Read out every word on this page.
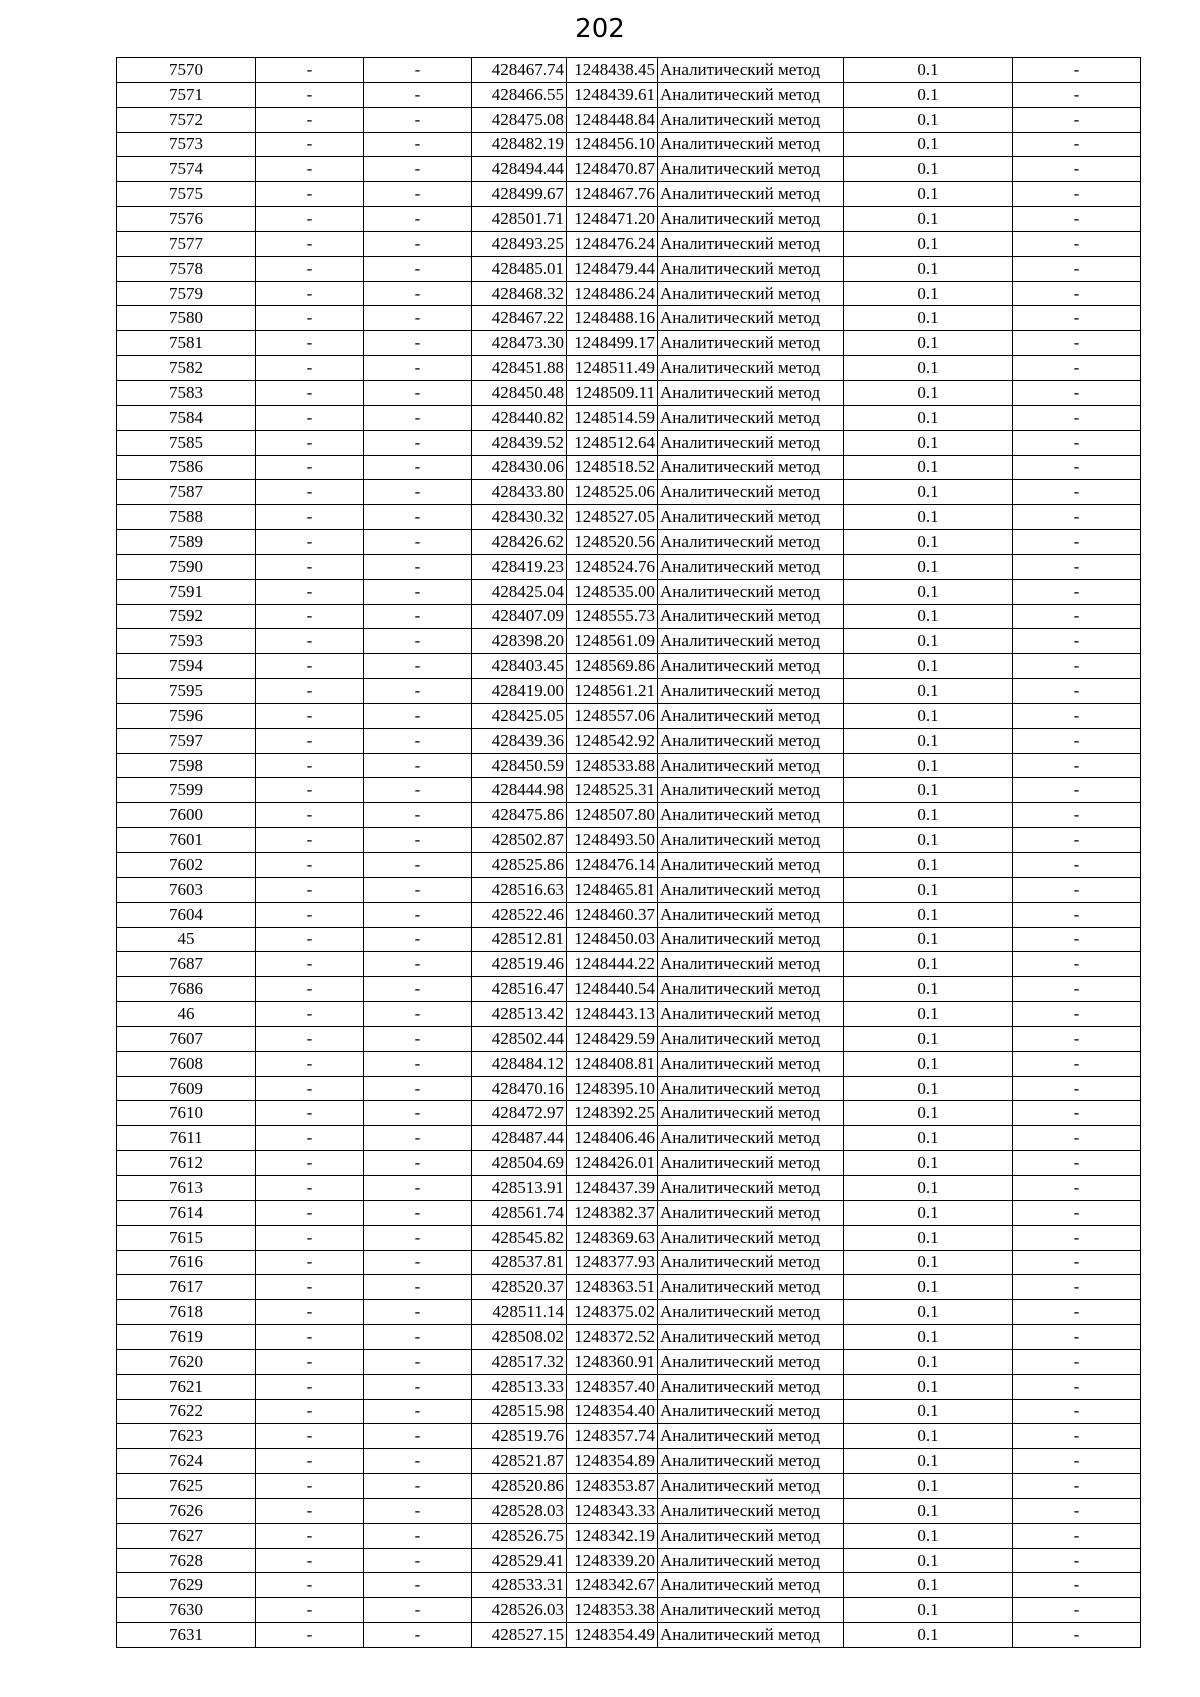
202
7570	-	-	428467.74	1248438.45	Аналитический метод	0.1	-
7571	-	-	428466.55	1248439.61	Аналитический метод	0.1	-
7572	-	-	428475.08	1248448.84	Аналитический метод	0.1	-
7573	-	-	428482.19	1248456.10	Аналитический метод	0.1	-
7574	-	-	428494.44	1248470.87	Аналитический метод	0.1	-
7575	-	-	428499.67	1248467.76	Аналитический метод	0.1	-
7576	-	-	428501.71	1248471.20	Аналитический метод	0.1	-
7577	-	-	428493.25	1248476.24	Аналитический метод	0.1	-
7578	-	-	428485.01	1248479.44	Аналитический метод	0.1	-
7579	-	-	428468.32	1248486.24	Аналитический метод	0.1	-
7580	-	-	428467.22	1248488.16	Аналитический метод	0.1	-
7581	-	-	428473.30	1248499.17	Аналитический метод	0.1	-
7582	-	-	428451.88	1248511.49	Аналитический метод	0.1	-
7583	-	-	428450.48	1248509.11	Аналитический метод	0.1	-
7584	-	-	428440.82	1248514.59	Аналитический метод	0.1	-
7585	-	-	428439.52	1248512.64	Аналитический метод	0.1	-
7586	-	-	428430.06	1248518.52	Аналитический метод	0.1	-
7587	-	-	428433.80	1248525.06	Аналитический метод	0.1	-
7588	-	-	428430.32	1248527.05	Аналитический метод	0.1	-
7589	-	-	428426.62	1248520.56	Аналитический метод	0.1	-
7590	-	-	428419.23	1248524.76	Аналитический метод	0.1	-
7591	-	-	428425.04	1248535.00	Аналитический метод	0.1	-
7592	-	-	428407.09	1248555.73	Аналитический метод	0.1	-
7593	-	-	428398.20	1248561.09	Аналитический метод	0.1	-
7594	-	-	428403.45	1248569.86	Аналитический метод	0.1	-
7595	-	-	428419.00	1248561.21	Аналитический метод	0.1	-
7596	-	-	428425.05	1248557.06	Аналитический метод	0.1	-
7597	-	-	428439.36	1248542.92	Аналитический метод	0.1	-
7598	-	-	428450.59	1248533.88	Аналитический метод	0.1	-
7599	-	-	428444.98	1248525.31	Аналитический метод	0.1	-
7600	-	-	428475.86	1248507.80	Аналитический метод	0.1	-
7601	-	-	428502.87	1248493.50	Аналитический метод	0.1	-
7602	-	-	428525.86	1248476.14	Аналитический метод	0.1	-
7603	-	-	428516.63	1248465.81	Аналитический метод	0.1	-
7604	-	-	428522.46	1248460.37	Аналитический метод	0.1	-
45	-	-	428512.81	1248450.03	Аналитический метод	0.1	-
7687	-	-	428519.46	1248444.22	Аналитический метод	0.1	-
7686	-	-	428516.47	1248440.54	Аналитический метод	0.1	-
46	-	-	428513.42	1248443.13	Аналитический метод	0.1	-
7607	-	-	428502.44	1248429.59	Аналитический метод	0.1	-
7608	-	-	428484.12	1248408.81	Аналитический метод	0.1	-
7609	-	-	428470.16	1248395.10	Аналитический метод	0.1	-
7610	-	-	428472.97	1248392.25	Аналитический метод	0.1	-
7611	-	-	428487.44	1248406.46	Аналитический метод	0.1	-
7612	-	-	428504.69	1248426.01	Аналитический метод	0.1	-
7613	-	-	428513.91	1248437.39	Аналитический метод	0.1	-
7614	-	-	428561.74	1248382.37	Аналитический метод	0.1	-
7615	-	-	428545.82	1248369.63	Аналитический метод	0.1	-
7616	-	-	428537.81	1248377.93	Аналитический метод	0.1	-
7617	-	-	428520.37	1248363.51	Аналитический метод	0.1	-
7618	-	-	428511.14	1248375.02	Аналитический метод	0.1	-
7619	-	-	428508.02	1248372.52	Аналитический метод	0.1	-
7620	-	-	428517.32	1248360.91	Аналитический метод	0.1	-
7621	-	-	428513.33	1248357.40	Аналитический метод	0.1	-
7622	-	-	428515.98	1248354.40	Аналитический метод	0.1	-
7623	-	-	428519.76	1248357.74	Аналитический метод	0.1	-
7624	-	-	428521.87	1248354.89	Аналитический метод	0.1	-
7625	-	-	428520.86	1248353.87	Аналитический метод	0.1	-
7626	-	-	428528.03	1248343.33	Аналитический метод	0.1	-
7627	-	-	428526.75	1248342.19	Аналитический метод	0.1	-
7628	-	-	428529.41	1248339.20	Аналитический метод	0.1	-
7629	-	-	428533.31	1248342.67	Аналитический метод	0.1	-
7630	-	-	428526.03	1248353.38	Аналитический метод	0.1	-
7631	-	-	428527.15	1248354.49	Аналитический метод	0.1	-
